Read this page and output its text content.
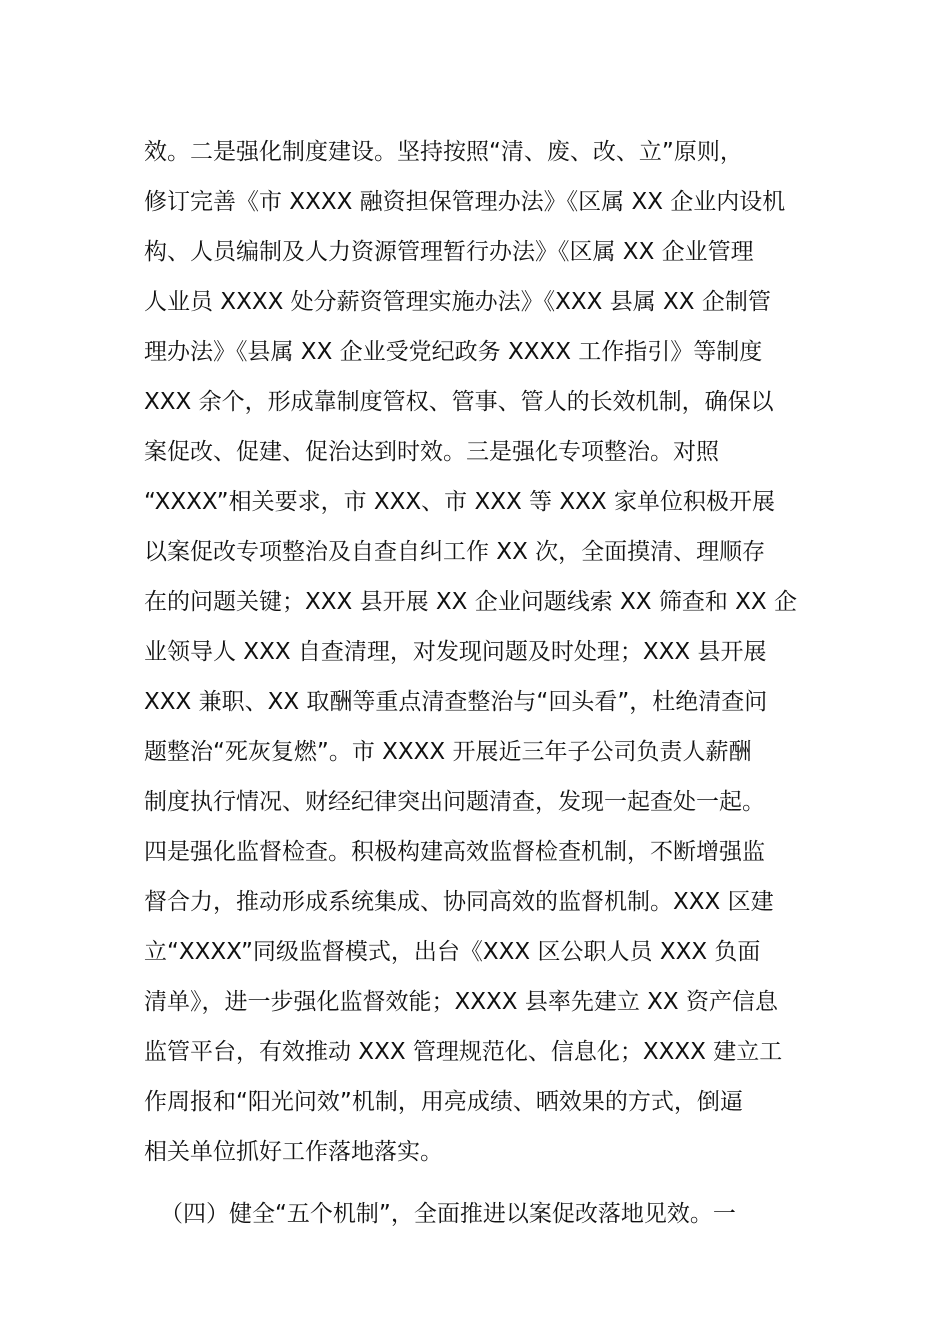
效。二是强化制度建设。坚持按照“清、废、改、立”原则，
修订完善《市 XXXX 融资担保管理办法》《区属 XX 企业内设机
构、人员编制及人力资源管理暂行办法》《区属 XX 企业管理
人业员 XXXX 处分薪资管理实施办法》《XXX 县属 XX 企制管
理办法》《县属 XX 企业受党纪政务 XXXX 工作指引》等制度
XXX 余个，形成靠制度管权、管事、管人的长效机制，确保以
案促改、促建、促治达到时效。三是强化专项整治。对照
“XXXX”相关要求，市 XXX、市 XXX 等 XXX 家单位积极开展
以案促改专项整治及自查自纠工作 XX 次，全面摸清、理顺存
在的问题关键；XXX 县开展 XX 企业问题线索 XX 筛查和 XX 企
业领导人 XXX 自查清理，对发现问题及时处理；XXX 县开展
XXX 兼职、XX 取酬等重点清查整治与“回头看”，杜绝清查问
题整治“死灰复燃”。市 XXXX 开展近三年子公司负责人薪酬
制度执行情况、财经纪律突出问题清查，发现一起查处一起。
四是强化监督检查。积极构建高效监督检查机制，不断增强监
督合力，推动形成系统集成、协同高效的监督机制。XXX 区建
立“XXXX”同级监督模式，出台《XXX 区公职人员 XXX 负面
清单》，进一步强化监督效能；XXXX 县率先建立 XX 资产信息
监管平台，有效推动 XXX 管理规范化、信息化；XXXX 建立工
作周报和“阳光问效”机制，用亮成绩、晒效果的方式，倒逼
相关单位抓好工作落地落实。
（四）健全“五个机制”，全面推进以案促改落地见效。一
